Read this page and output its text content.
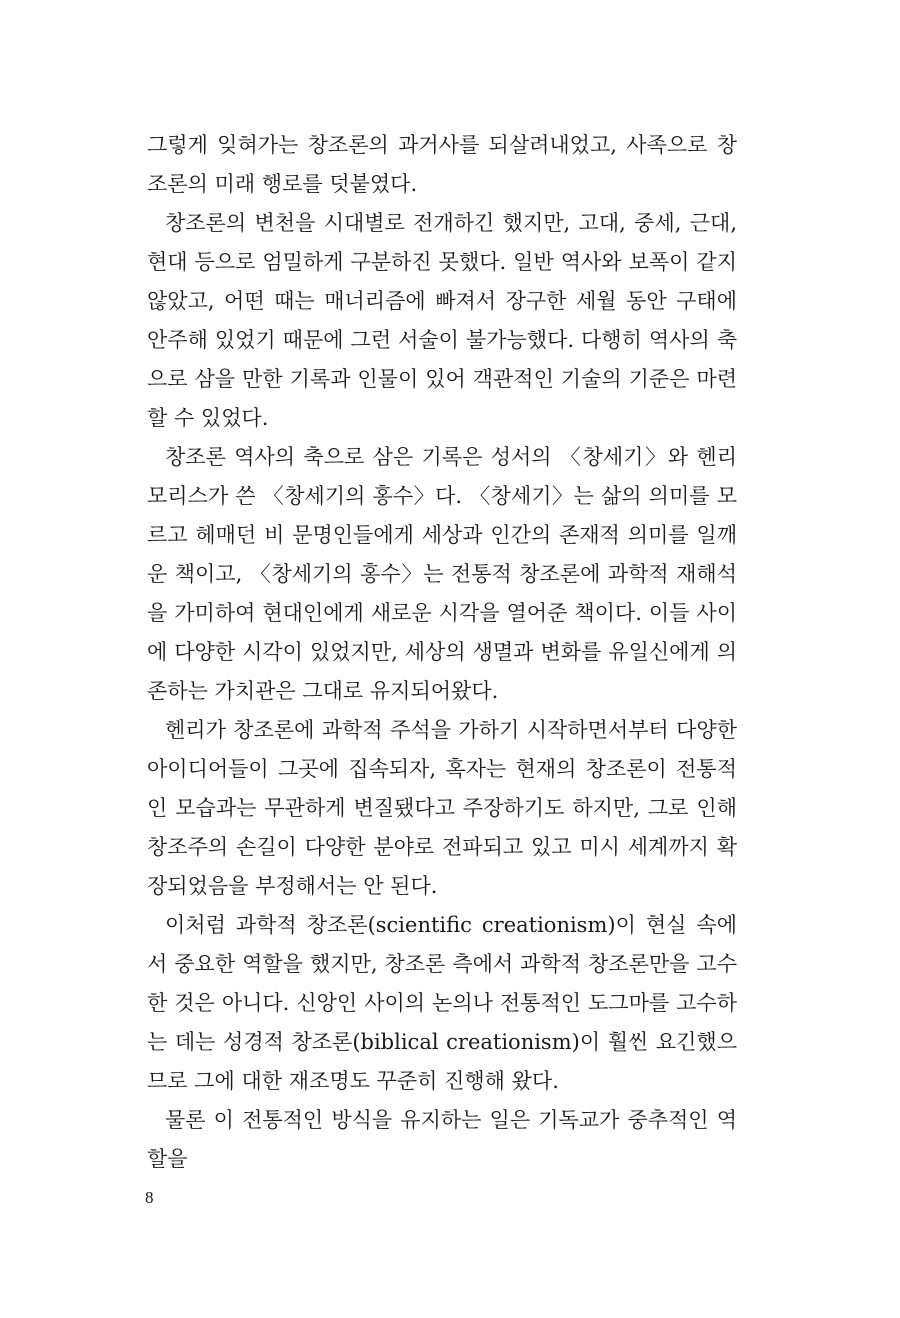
그렇게 잊혀가는 창조론의 과거사를 되살려내었고, 사족으로 창조론의 미래 행로를 덧붙였다.

창조론의 변천을 시대별로 전개하긴 했지만, 고대, 중세, 근대, 현대 등으로 엄밀하게 구분하진 못했다. 일반 역사와 보폭이 같지 않았고, 어떤 때는 매너리즘에 빠져서 장구한 세월 동안 구태에 안주해 있었기 때문에 그런 서술이 불가능했다. 다행히 역사의 축으로 삼을 만한 기록과 인물이 있어 객관적인 기술의 기준은 마련할 수 있었다.

창조론 역사의 축으로 삼은 기록은 성서의 〈창세기〉와 헨리 모리스가 쓴 〈창세기의 홍수〉다. 〈창세기〉는 삶의 의미를 모르고 헤매던 비 문명인들에게 세상과 인간의 존재적 의미를 일깨운 책이고, 〈창세기의 홍수〉는 전통적 창조론에 과학적 재해석을 가미하여 현대인에게 새로운 시각을 열어준 책이다. 이들 사이에 다양한 시각이 있었지만, 세상의 생멸과 변화를 유일신에게 의존하는 가치관은 그대로 유지되어왔다.

헨리가 창조론에 과학적 주석을 가하기 시작하면서부터 다양한 아이디어들이 그곳에 집속되자, 혹자는 현재의 창조론이 전통적인 모습과는 무관하게 변질됐다고 주장하기도 하지만, 그로 인해 창조주의 손길이 다양한 분야로 전파되고 있고 미시 세계까지 확장되었음을 부정해서는 안 된다.

이처럼 과학적 창조론(scientific creationism)이 현실 속에서 중요한 역할을 했지만, 창조론 측에서 과학적 창조론만을 고수한 것은 아니다. 신앙인 사이의 논의나 전통적인 도그마를 고수하는 데는 성경적 창조론(biblical creationism)이 훨씬 요긴했으므로 그에 대한 재조명도 꾸준히 진행해 왔다.

물론 이 전통적인 방식을 유지하는 일은 기독교가 중추적인 역할을

8
